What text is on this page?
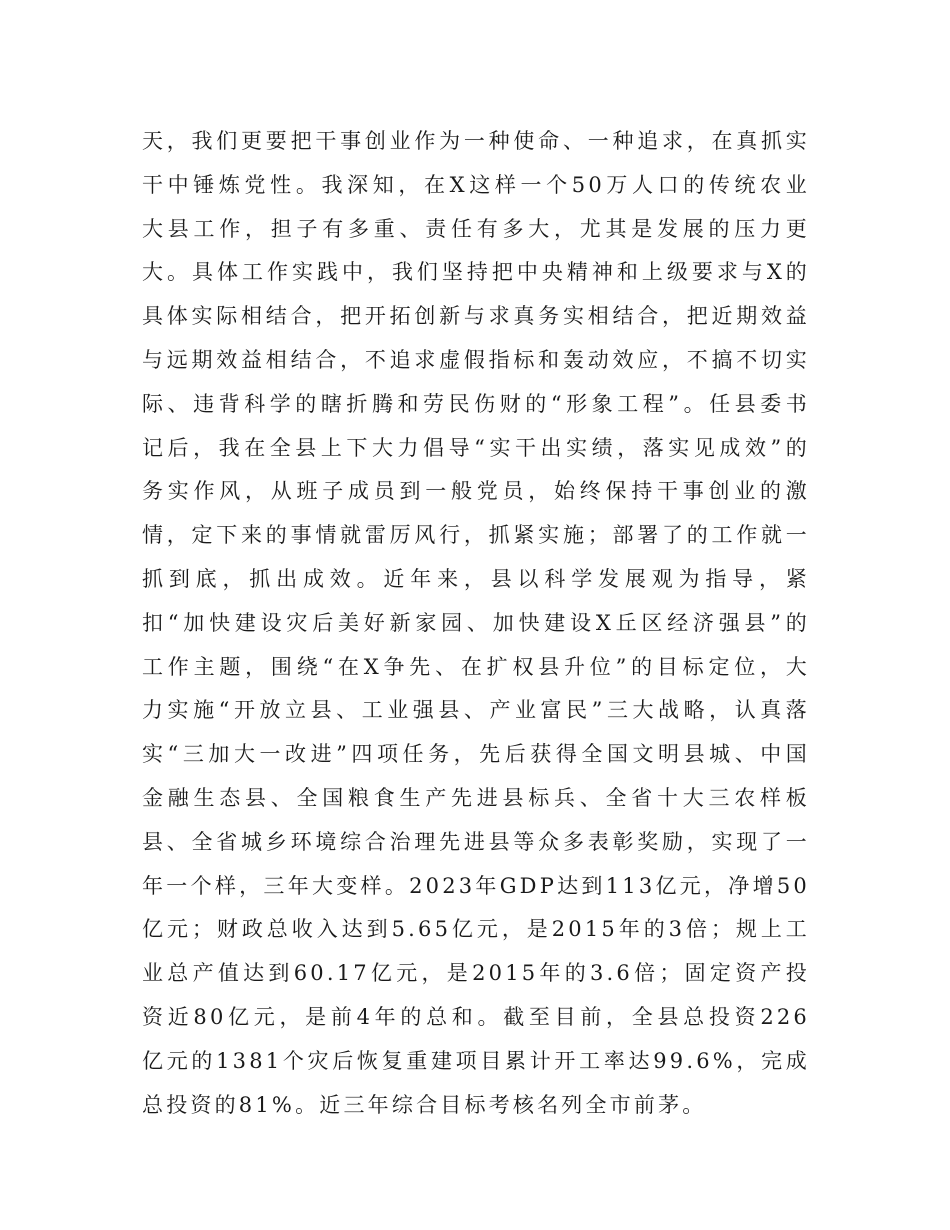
天，我们更要把干事创业作为一种使命、一种追求，在真抓实
干中锤炼党性。我深知，在X这样一个50万人口的传统农业
大县工作，担子有多重、责任有多大，尤其是发展的压力更
大。具体工作实践中，我们坚持把中央精神和上级要求与X的
具体实际相结合，把开拓创新与求真务实相结合，把近期效益
与远期效益相结合，不追求虚假指标和轰动效应，不搞不切实
际、违背科学的瞎折腾和劳民伤财的“形象工程”。任县委书
记后，我在全县上下大力倡导“实干出实绩，落实见成效”的
务实作风，从班子成员到一般党员，始终保持干事创业的激
情，定下来的事情就雷厉风行，抓紧实施；部署了的工作就一
抓到底，抓出成效。近年来，县以科学发展观为指导，紧
扣“加快建设灾后美好新家园、加快建设X丘区经济强县”的
工作主题，围绕“在X争先、在扩权县升位”的目标定位，大
力实施“开放立县、工业强县、产业富民”三大战略，认真落
实“三加大一改进”四项任务，先后获得全国文明县城、中国
金融生态县、全国粮食生产先进县标兵、全省十大三农样板
县、全省城乡环境综合治理先进县等众多表彰奖励，实现了一
年一个样，三年大变样。2023年GDP达到113亿元，净增50
亿元；财政总收入达到5.65亿元，是2015年的3倍；规上工
业总产值达到60.17亿元，是2015年的3.6倍；固定资产投
资近80亿元，是前4年的总和。截至目前，全县总投资226
亿元的1381个灾后恢复重建项目累计开工率达99.6%，完成
总投资的81%。近三年综合目标考核名列全市前茅。
